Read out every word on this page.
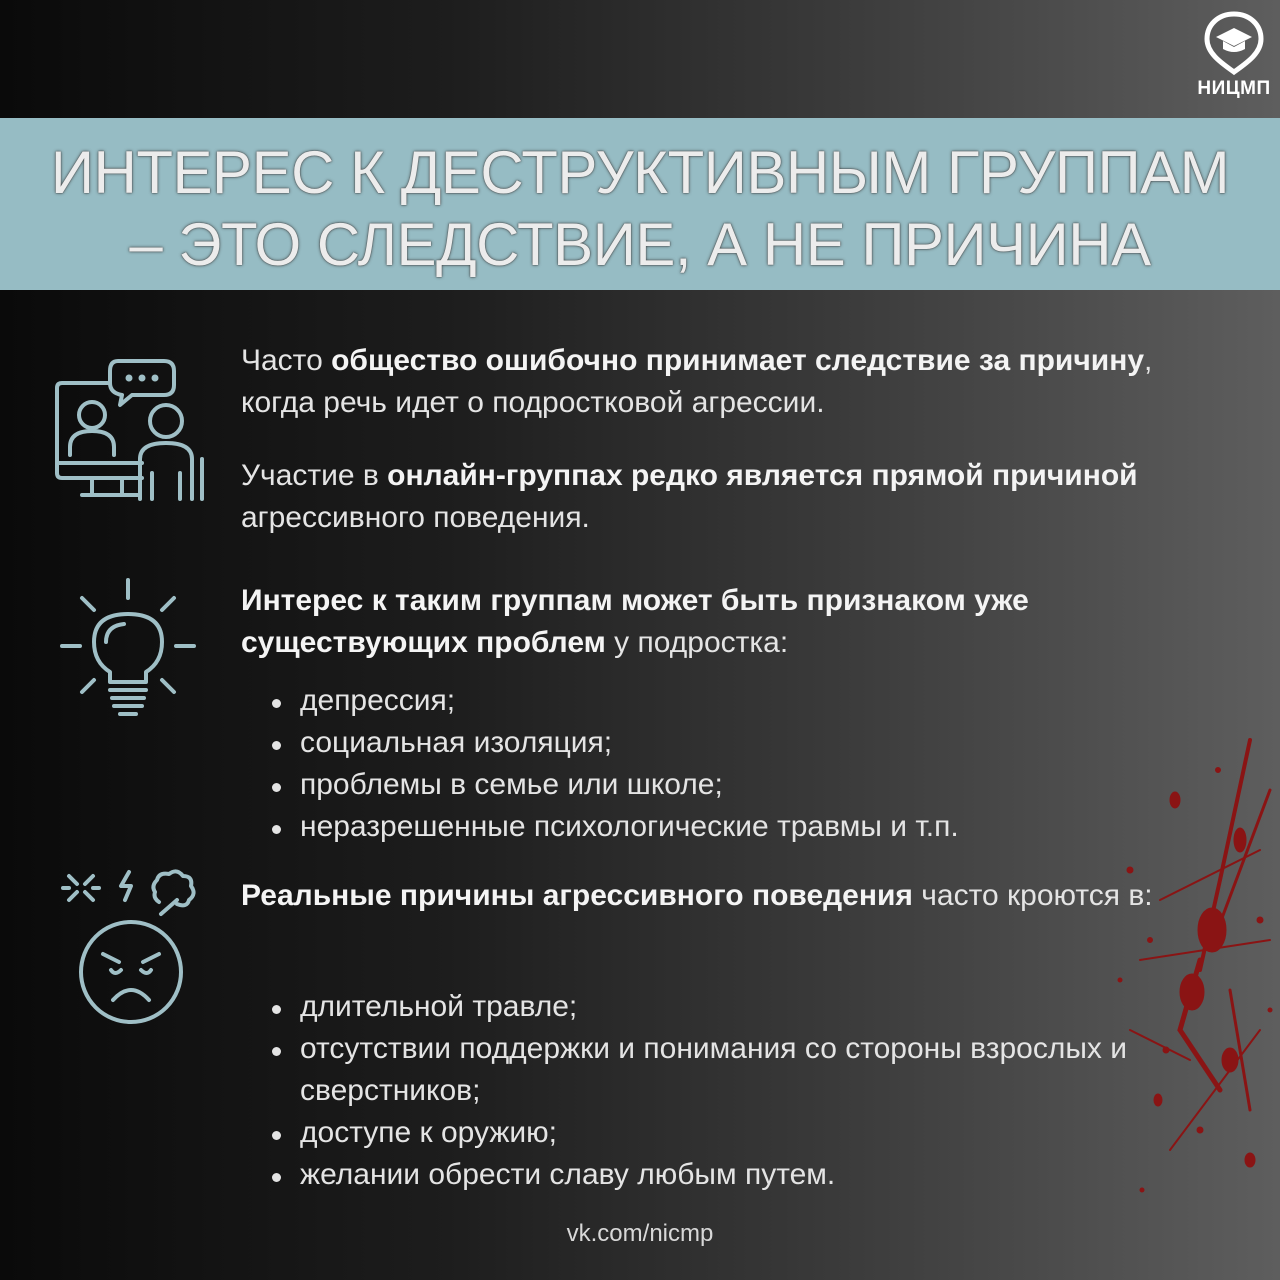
НИЦМП
ИНТЕРЕС К ДЕСТРУКТИВНЫМ ГРУППАМ
– ЭТО СЛЕДСТВИЕ, А НЕ ПРИЧИНА
Часто общество ошибочно принимает следствие за причину, когда речь идет о подростковой агрессии.
Участие в онлайн-группах редко является прямой причиной агрессивного поведения.
Интерес к таким группам может быть признаком уже существующих проблем у подростка:
депрессия;
социальная изоляция;
проблемы в семье или школе;
неразрешенные психологические травмы и т.п.
Реальные причины агрессивного поведения часто кроются в:
длительной травле;
отсутствии поддержки и понимания со стороны взрослых и сверстников;
доступе к оружию;
желании обрести славу любым путем.
vk.com/nicmp
